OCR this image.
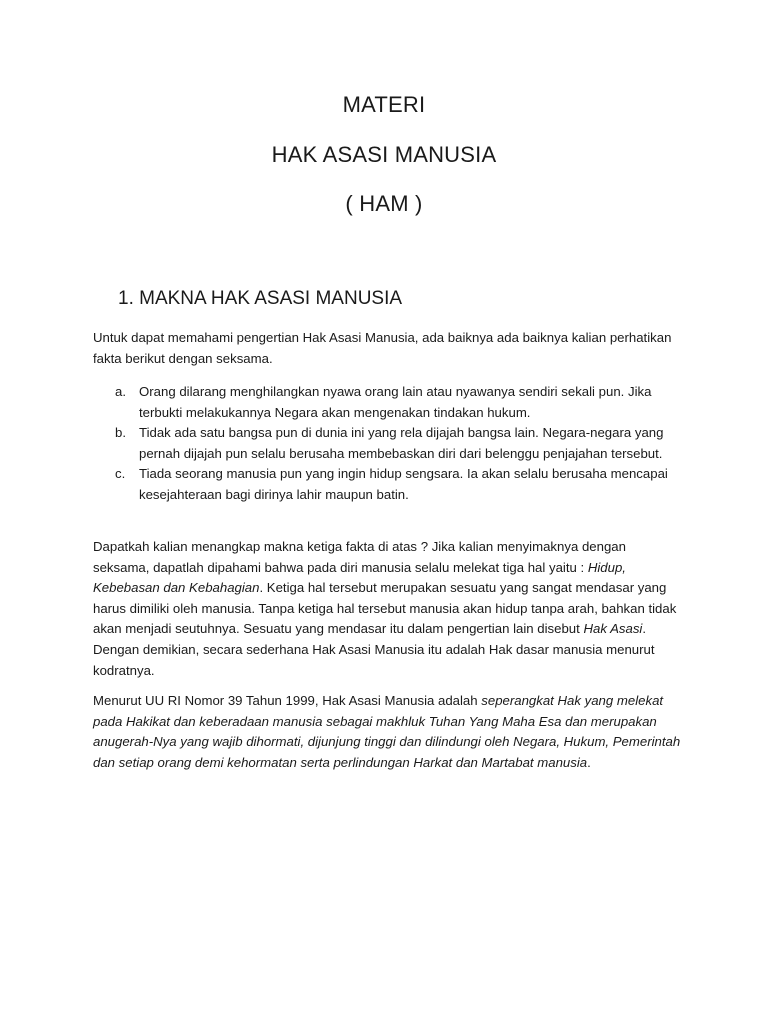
MATERI
HAK ASASI MANUSIA
( HAM )
1. MAKNA HAK ASASI MANUSIA
Untuk dapat memahami pengertian Hak Asasi Manusia, ada baiknya ada baiknya kalian perhatikan fakta berikut dengan seksama.
a. Orang dilarang menghilangkan nyawa orang lain atau nyawanya sendiri sekali pun. Jika terbukti melakukannya Negara akan mengenakan tindakan hukum.
b. Tidak ada satu bangsa pun di dunia ini yang rela dijajah bangsa lain. Negara-negara yang pernah dijajah pun selalu berusaha membebaskan diri dari belenggu penjajahan tersebut.
c. Tiada seorang manusia pun yang ingin hidup sengsara. Ia akan selalu berusaha mencapai kesejahteraan bagi dirinya lahir maupun batin.
Dapatkah kalian menangkap makna ketiga fakta di atas ? Jika kalian menyimaknya dengan seksama, dapatlah dipahami bahwa pada diri manusia selalu melekat tiga hal yaitu : Hidup, Kebebasan dan Kebahagian. Ketiga hal tersebut merupakan sesuatu yang sangat mendasar yang harus dimiliki oleh manusia. Tanpa ketiga hal tersebut manusia akan hidup tanpa arah, bahkan tidak akan menjadi seutuhnya. Sesuatu yang mendasar itu dalam pengertian lain disebut Hak Asasi. Dengan demikian, secara sederhana Hak Asasi Manusia itu adalah Hak dasar manusia menurut kodratnya.
Menurut UU RI Nomor 39 Tahun 1999, Hak Asasi Manusia adalah seperangkat Hak yang melekat pada Hakikat dan keberadaan manusia sebagai makhluk Tuhan Yang Maha Esa dan merupakan anugerah-Nya yang wajib dihormati, dijunjung tinggi dan dilindungi oleh Negara, Hukum, Pemerintah dan setiap orang demi kehormatan serta perlindungan Harkat dan Martabat manusia.
